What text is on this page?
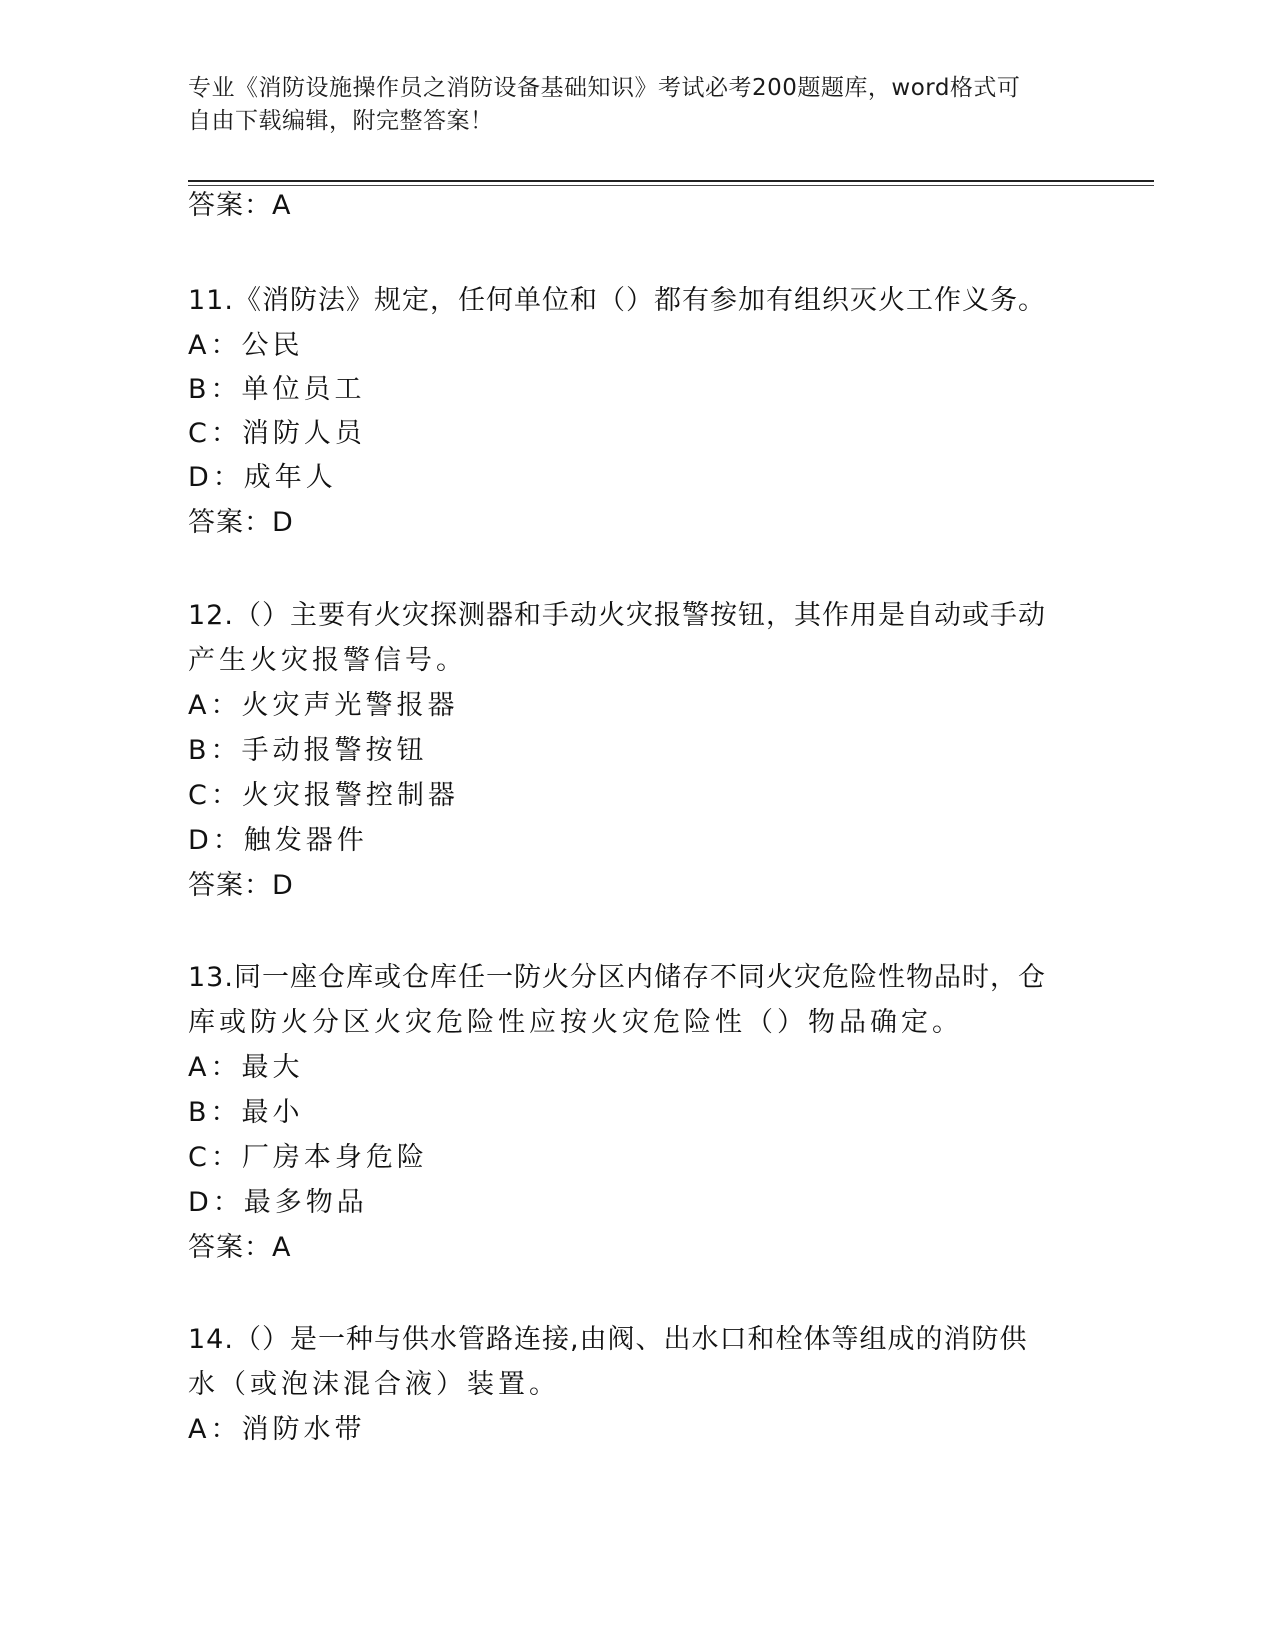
专业《消防设施操作员之消防设备基础知识》考试必考200题题库，word格式可
自由下载编辑，附完整答案！
答案：A
11.《消防法》规定，任何单位和（）都有参加有组织灭火工作义务。
A：公民
B：单位员工
C：消防人员
D：成年人
答案：D
12.（）主要有火灾探测器和手动火灾报警按钮，其作用是自动或手动
产生火灾报警信号。
A：火灾声光警报器
B：手动报警按钮
C：火灾报警控制器
D：触发器件
答案：D
13.同一座仓库或仓库任一防火分区内储存不同火灾危险性物品时，仓
库或防火分区火灾危险性应按火灾危险性（）物品确定。
A：最大
B：最小
C：厂房本身危险
D：最多物品
答案：A
14.（）是一种与供水管路连接,由阀、出水口和栓体等组成的消防供
水（或泡沫混合液）装置。
A：消防水带
